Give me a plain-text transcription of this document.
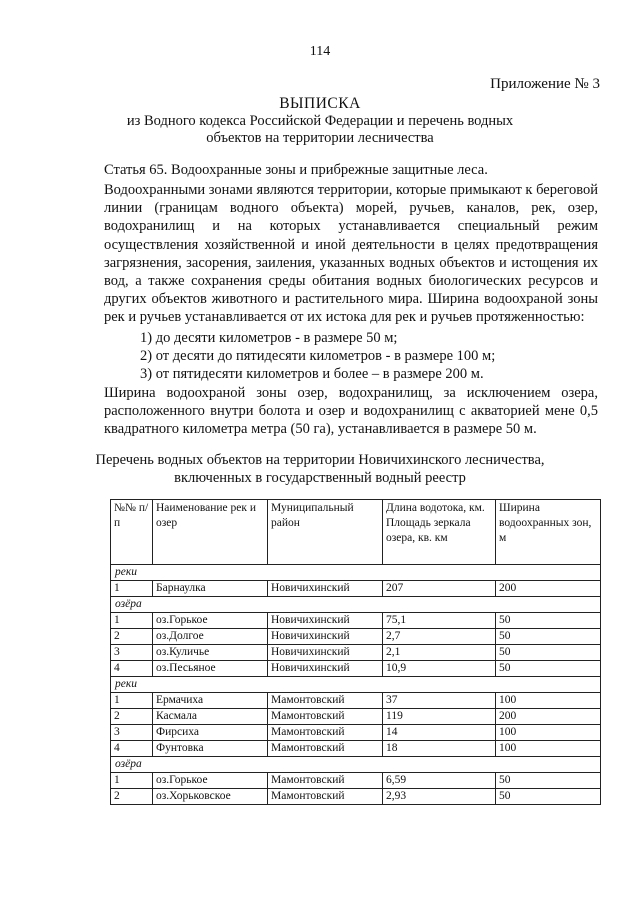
114
Приложение № 3
ВЫПИСКА
из Водного кодекса Российской Федерации и перечень водных
объектов на территории лесничества
Статья 65. Водоохранные зоны и прибрежные защитные леса.
Водоохранными зонами являются территории, которые примыкают к береговой линии (границам водного объекта) морей, ручьев, каналов, рек, озер, водохранилищ и на которых устанавливается специальный режим осуществления хозяйственной и иной деятельности в целях предотвращения загрязнения, засорения, заиления, указанных водных объектов и истощения их вод, а также сохранения среды обитания водных биологических ресурсов и других объектов животного и растительного мира. Ширина водоохраной зоны рек и ручьев устанавливается от их истока для рек и ручьев протяженностью:
1) до десяти километров - в размере 50 м;
2) от десяти до пятидесяти километров - в размере 100 м;
3) от пятидесяти километров и более – в размере 200 м.
Ширина водоохраной зоны озер, водохранилищ, за исключением озера, расположенного внутри болота и озер и водохранилищ с акваторией мене 0,5 квадратного километра метра (50 га), устанавливается в размере 50 м.
Перечень водных объектов на территории Новичихинского лесничества,
включенных в государственный водный реестр
№№ п/п	Наименование рек и озер	Муниципальный район	Длина водотока, км. Площадь зеркала озера, кв. км	Ширина водоохранных зон, м
реки				
1	Барнаулка	Новичихинский	207	200
озёра				
1	оз.Горькое	Новичихинский	75,1	50
2	оз.Долгое	Новичихинский	2,7	50
3	оз.Куличье	Новичихинский	2,1	50
4	оз.Песьяное	Новичихинский	10,9	50
реки				
1	Ермачиха	Мамонтовский	37	100
2	Касмала	Мамонтовский	119	200
3	Фирсиха	Мамонтовский	14	100
4	Фунтовка	Мамонтовский	18	100
озёра				
1	оз.Горькое	Мамонтовский	6,59	50
2	оз.Хорьковское	Мамонтовский	2,93	50
